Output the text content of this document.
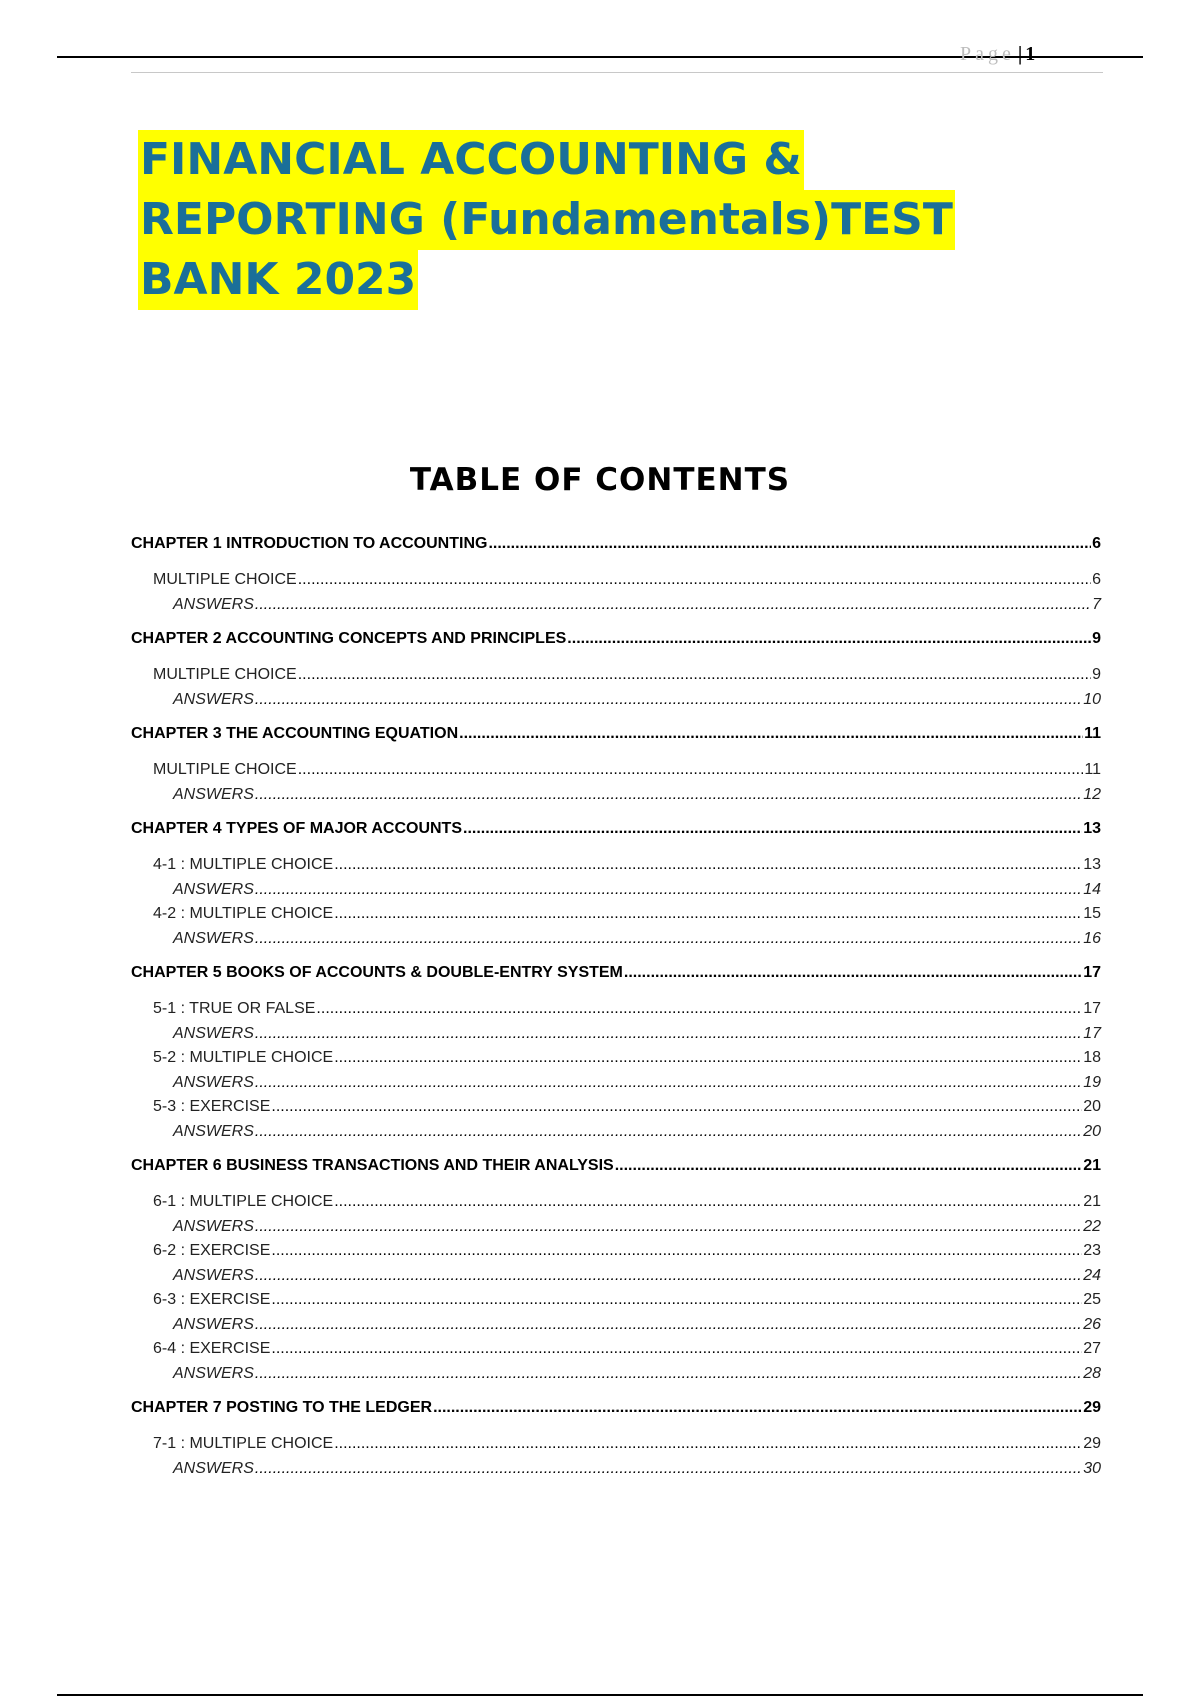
Page | 1
FINANCIAL ACCOUNTING &
REPORTING (Fundamentals)TEST
BANK 2023
TABLE OF CONTENTS
CHAPTER 1 INTRODUCTION TO ACCOUNTING .....	6
MULTIPLE CHOICE .....	6
ANSWERS .....	7
CHAPTER 2 ACCOUNTING CONCEPTS AND PRINCIPLES .....	9
MULTIPLE CHOICE .....	9
ANSWERS .....	10
CHAPTER 3 THE ACCOUNTING EQUATION .....	11
MULTIPLE CHOICE .....	11
ANSWERS .....	12
CHAPTER 4 TYPES OF MAJOR ACCOUNTS .....	13
4-1 : MULTIPLE CHOICE .....	13
ANSWERS .....	14
4-2 : MULTIPLE CHOICE .....	15
ANSWERS .....	16
CHAPTER 5 BOOKS OF ACCOUNTS & DOUBLE-ENTRY SYSTEM .....	17
5-1 : TRUE OR FALSE .....	17
ANSWERS .....	17
5-2 : MULTIPLE CHOICE .....	18
ANSWERS .....	19
5-3 : EXERCISE .....	20
ANSWERS .....	20
CHAPTER 6 BUSINESS TRANSACTIONS AND THEIR ANALYSIS .....	21
6-1 : MULTIPLE CHOICE .....	21
ANSWERS .....	22
6-2 : EXERCISE .....	23
ANSWERS .....	24
6-3 : EXERCISE .....	25
ANSWERS .....	26
6-4 : EXERCISE .....	27
ANSWERS .....	28
CHAPTER 7 POSTING TO THE LEDGER .....	29
7-1 : MULTIPLE CHOICE .....	29
ANSWERS .....	30
